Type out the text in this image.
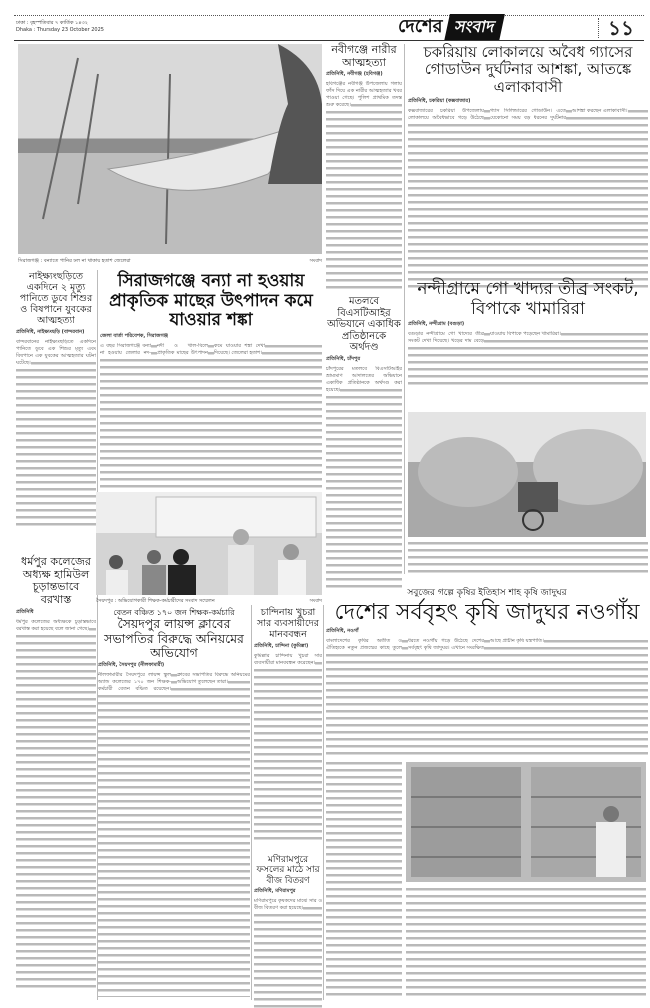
ঢাকা : বৃহস্পতিবার ৭ কার্তিক ১৪৩২
Dhaka : Thursday 23 October 2025	দেশের সংবাদ	১১
সিরাজগঞ্জ : বন্যাতে পানির ঢল না থাকায় হতাশ জেলেরা	সংবাদ
নবীগঞ্জে নারীর আত্মহত্যা
প্রতিনিধি, নবীগঞ্জ (হবিগঞ্জ)
হবিগঞ্জের নবীগঞ্জ উপজেলায় গলায় ফাঁস দিয়ে এক নারীর আত্মহত্যার খবর পাওয়া গেছে। পুলিশ প্রাথমিক তদন্ত শুরু করেছে।
মতলবে বিএসটিআইর অভিযানে একাধিক প্রতিষ্ঠানকে অর্থদণ্ড
প্রতিনিধি, চাঁদপুর
চাঁদপুরের মতলবে বিএসটিআইর ভ্রাম্যমাণ আদালতের অভিযানে একাধিক প্রতিষ্ঠানকে অর্থদণ্ড করা হয়েছে।
চকরিয়ায় লোকালয়ে অবৈধ গ্যাসের গোডাউন দুর্ঘটনার আশঙ্কা, আতঙ্কে এলাকাবাসী
প্রতিনিধি, চকরিয়া (কক্সবাজার)
কক্সবাজারের চকরিয়া উপজেলায় লোকালয়ে অবৈধভাবে গড়ে উঠেছে গ্যাস সিলিন্ডারের গোডাউন। এতে যেকোনো সময় বড় ধরনের দুর্ঘটনার আশঙ্কা করছেন এলাকাবাসী।
নন্দীগ্রামে গো খাদ্যর তীব্র সংকট, বিপাকে খামারিরা
প্রতিনিধি, নন্দীগ্রাম (বগুড়া)
বগুড়ার নন্দীগ্রামে গো খাদ্যের তীব্র সংকট দেখা দিয়েছে। খড়ের দাম বেড়ে যাওয়ায় বিপাকে পড়েছেন খামারিরা।
নাইক্ষ্যংছড়িতে একদিনে ২ মৃত্যু পানিতে ডুবে শিশুর ও বিষপানে যুবকের আত্মহত্যা
প্রতিনিধি, নাইক্ষ্যংছড়ি (বান্দরবান)
বান্দরবানের নাইক্ষ্যংছড়িতে একদিনে পানিতে ডুবে এক শিশুর মৃত্যু এবং বিষপানে এক যুবকের আত্মহত্যার ঘটনা ঘটেছে।
ধর্মপুর কলেজের অধ্যক্ষ হামিউল চূড়ান্তভাবে বরখাস্ত
প্রতিনিধি
ধর্মপুর কলেজের অধ্যক্ষকে চূড়ান্তভাবে বরখাস্ত করা হয়েছে বলে জানা গেছে।
সিরাজগঞ্জে বন্যা না হওয়ায় প্রাকৃতিক মাছের উৎপাদন কমে যাওয়ার শঙ্কা
জেলা বার্তা পরিবেশক, সিরাজগঞ্জ
এ বছর সিরাজগঞ্জে বন্যা না হওয়ায় জেলার নদ-নদী ও খাল-বিলে প্রাকৃতিক মাছের উৎপাদন কমে যাওয়ার শঙ্কা দেখা দিয়েছে। জেলেরা হতাশ।
সৈয়দপুর : অভিযোগকারী শিক্ষক-কর্মচারীদের সংবাদ সম্মেলন	সংবাদ
বেতন বঞ্চিত ১৭০ জন শিক্ষক-কর্মচারি
সৈয়দপুর লায়ন্স ক্লাবের সভাপতির বিরুদ্ধে অনিয়মের অভিযোগ
প্রতিনিধি, সৈয়দপুর (নীলফামারী)
নীলফামারীর সৈয়দপুরে লায়ন্স স্কুল অ্যান্ড কলেজের ১৭০ জন শিক্ষক-কর্মচারী বেতন বঞ্চিত রয়েছেন। ক্লাবের সভাপতির বিরুদ্ধে অনিয়মের অভিযোগ তুলেছেন তারা।
চান্দিনায় খুচরা সার ব্যবসায়ীদের মানববন্ধন
প্রতিনিধি, চান্দিনা (কুমিল্লা)
কুমিল্লার চান্দিনায় খুচরা সার ব্যবসায়ীরা মানববন্ধন করেছেন।
মণিরামপুরে ফসলের মাঠে সার বীজ বিতরণ
প্রতিনিধি, মণিরামপুর
মণিরামপুরে কৃষকদের মাঝে সার ও বীজ বিতরণ করা হয়েছে।
সবুজের গল্পে কৃষির ইতিহাস শাহ কৃষি জাদুঘর
দেশের সর্ববৃহৎ কৃষি জাদুঘর নওগাঁয়
প্রতিনিধি, নওগাঁ
বাংলাদেশের কৃষির অতীত ও ঐতিহ্যকে নতুন প্রজন্মের কাছে তুলে ধরতে নওগাঁয় গড়ে উঠেছে দেশের সর্ববৃহৎ কৃষি জাদুঘর। এখানে সংরক্ষিত আছে প্রাচীন কৃষি যন্ত্রপাতি।
